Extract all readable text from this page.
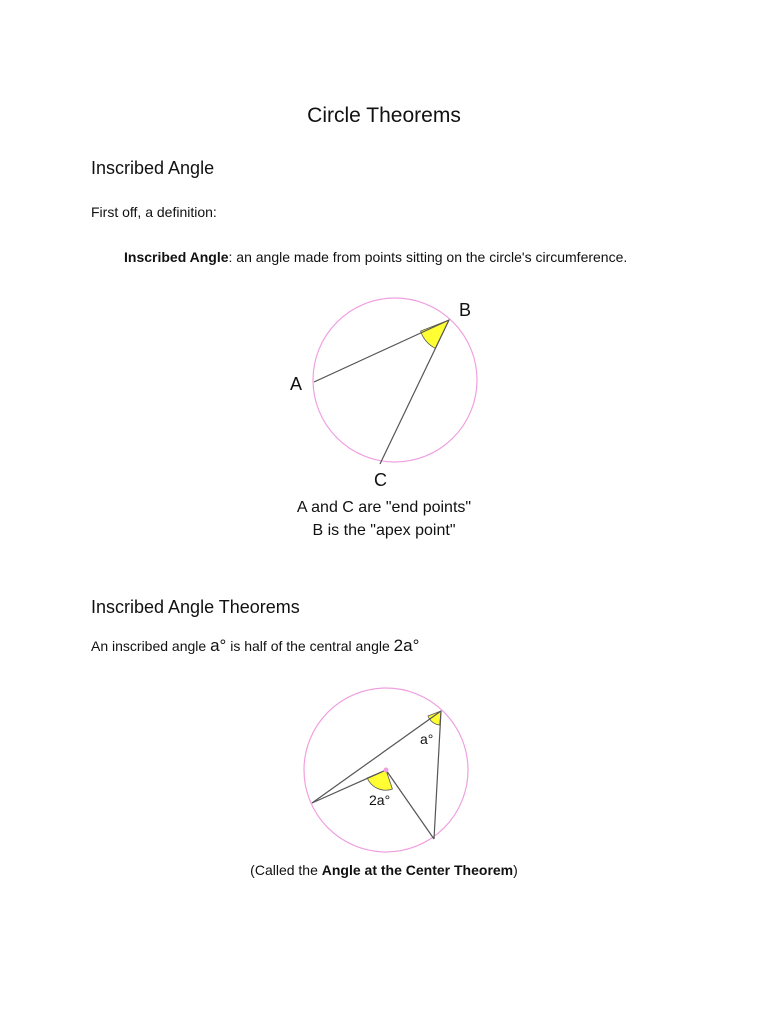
Circle Theorems
Inscribed Angle
First off, a definition:
Inscribed Angle: an angle made from points sitting on the circle's circumference.
B
A
C
a°
2a°
A and C are "end points"
B is the "apex point"
Inscribed Angle Theorems
An inscribed angle a° is half of the central angle 2a°
(Called the Angle at the Center Theorem)
